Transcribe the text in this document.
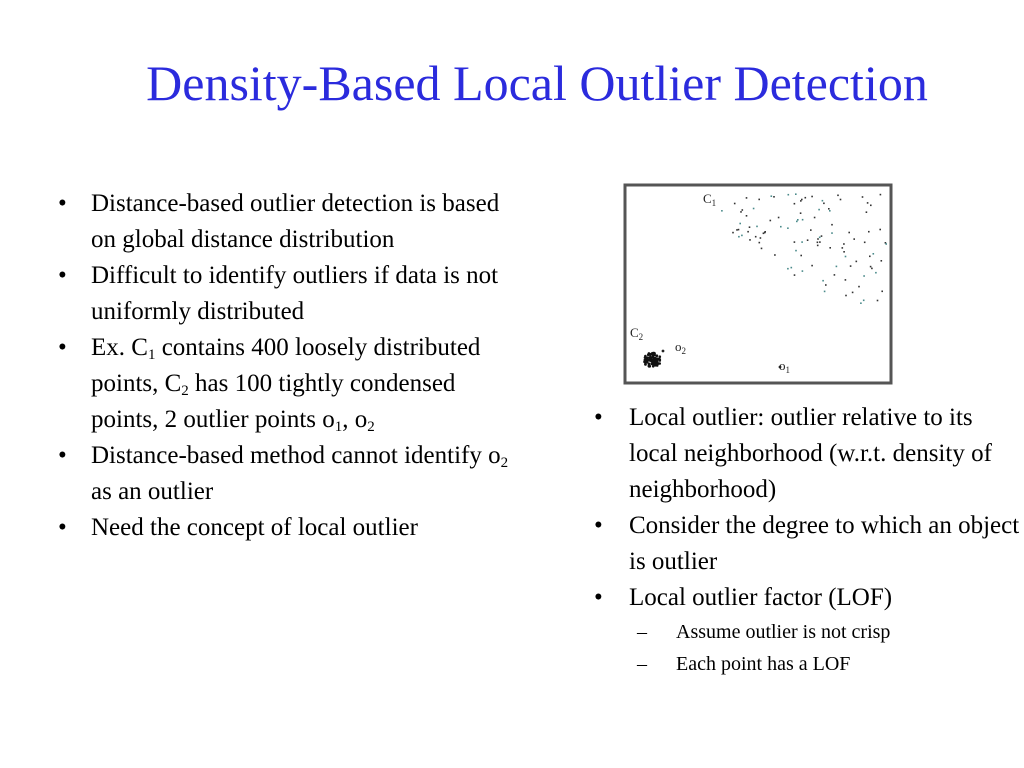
Density-Based Local Outlier Detection
• Distance-based outlier detection is based on global distance distribution
• Difficult to identify outliers if data is not uniformly distributed
• Ex. $C_1$ contains 400 loosely distributed points, $C_2$ has 100 tightly condensed points, 2 outlier points $o_1$, $o_2$
• Distance-based method cannot identify $o_2$ as an outlier
• Need the concept of local outlier
$C_1$
$C_2$
$o_2$
$o_1$
• Local outlier: outlier relative to its local neighborhood (w.r.t. density of neighborhood)
• Consider the degree to which an object is outlier
• Local outlier factor (LOF)
– Assume outlier is not crisp
– Each point has a LOF
